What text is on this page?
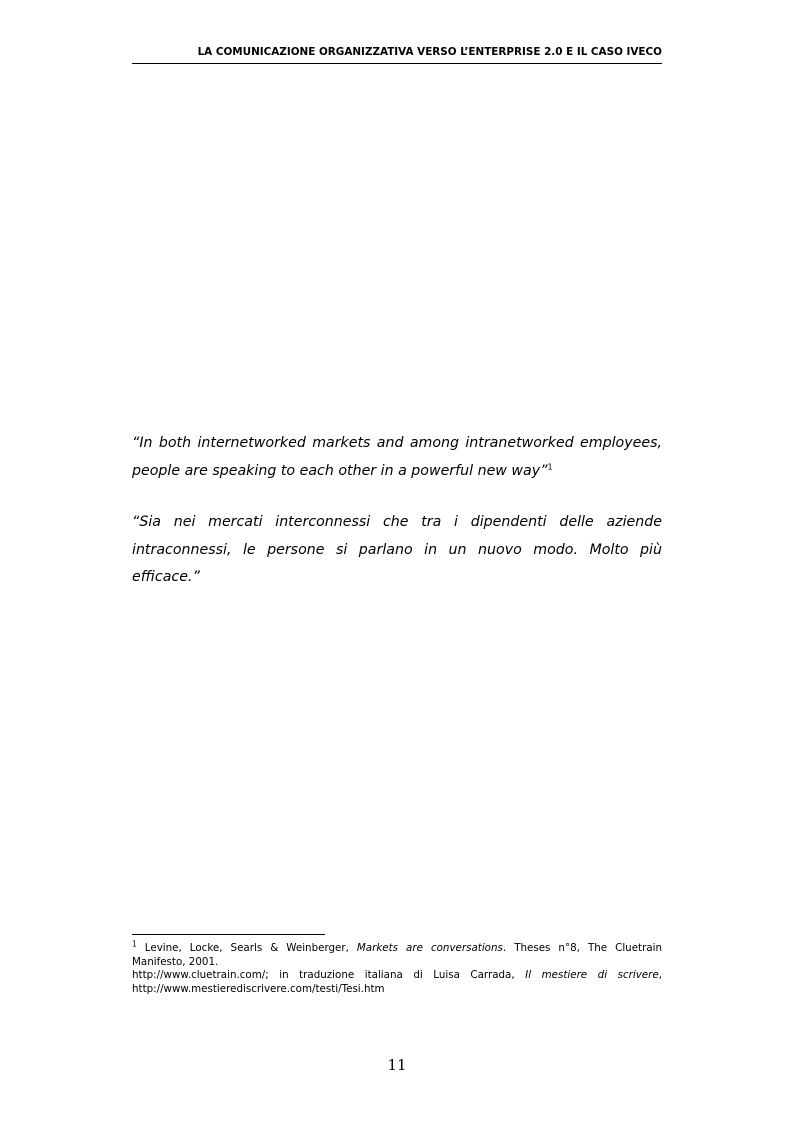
LA COMUNICAZIONE ORGANIZZATIVA VERSO L’ENTERPRISE 2.0 E IL CASO IVECO

“In both internetworked markets and among intranetworked employees, people are speaking to each other in a powerful new way”$^1$

“Sia nei mercati interconnessi che tra i dipendenti delle aziende intraconnessi, le persone si parlano in un nuovo modo. Molto più efficace.”

$^1$ Levine, Locke, Searls & Weinberger, Markets are conversations. Theses n°8, The Cluetrain
Manifesto, 2001.
http://www.cluetrain.com/; in traduzione italiana di Luisa Carrada, Il mestiere di scrivere,
http://www.mestierediscrivere.com/testi/Tesi.htm
11
